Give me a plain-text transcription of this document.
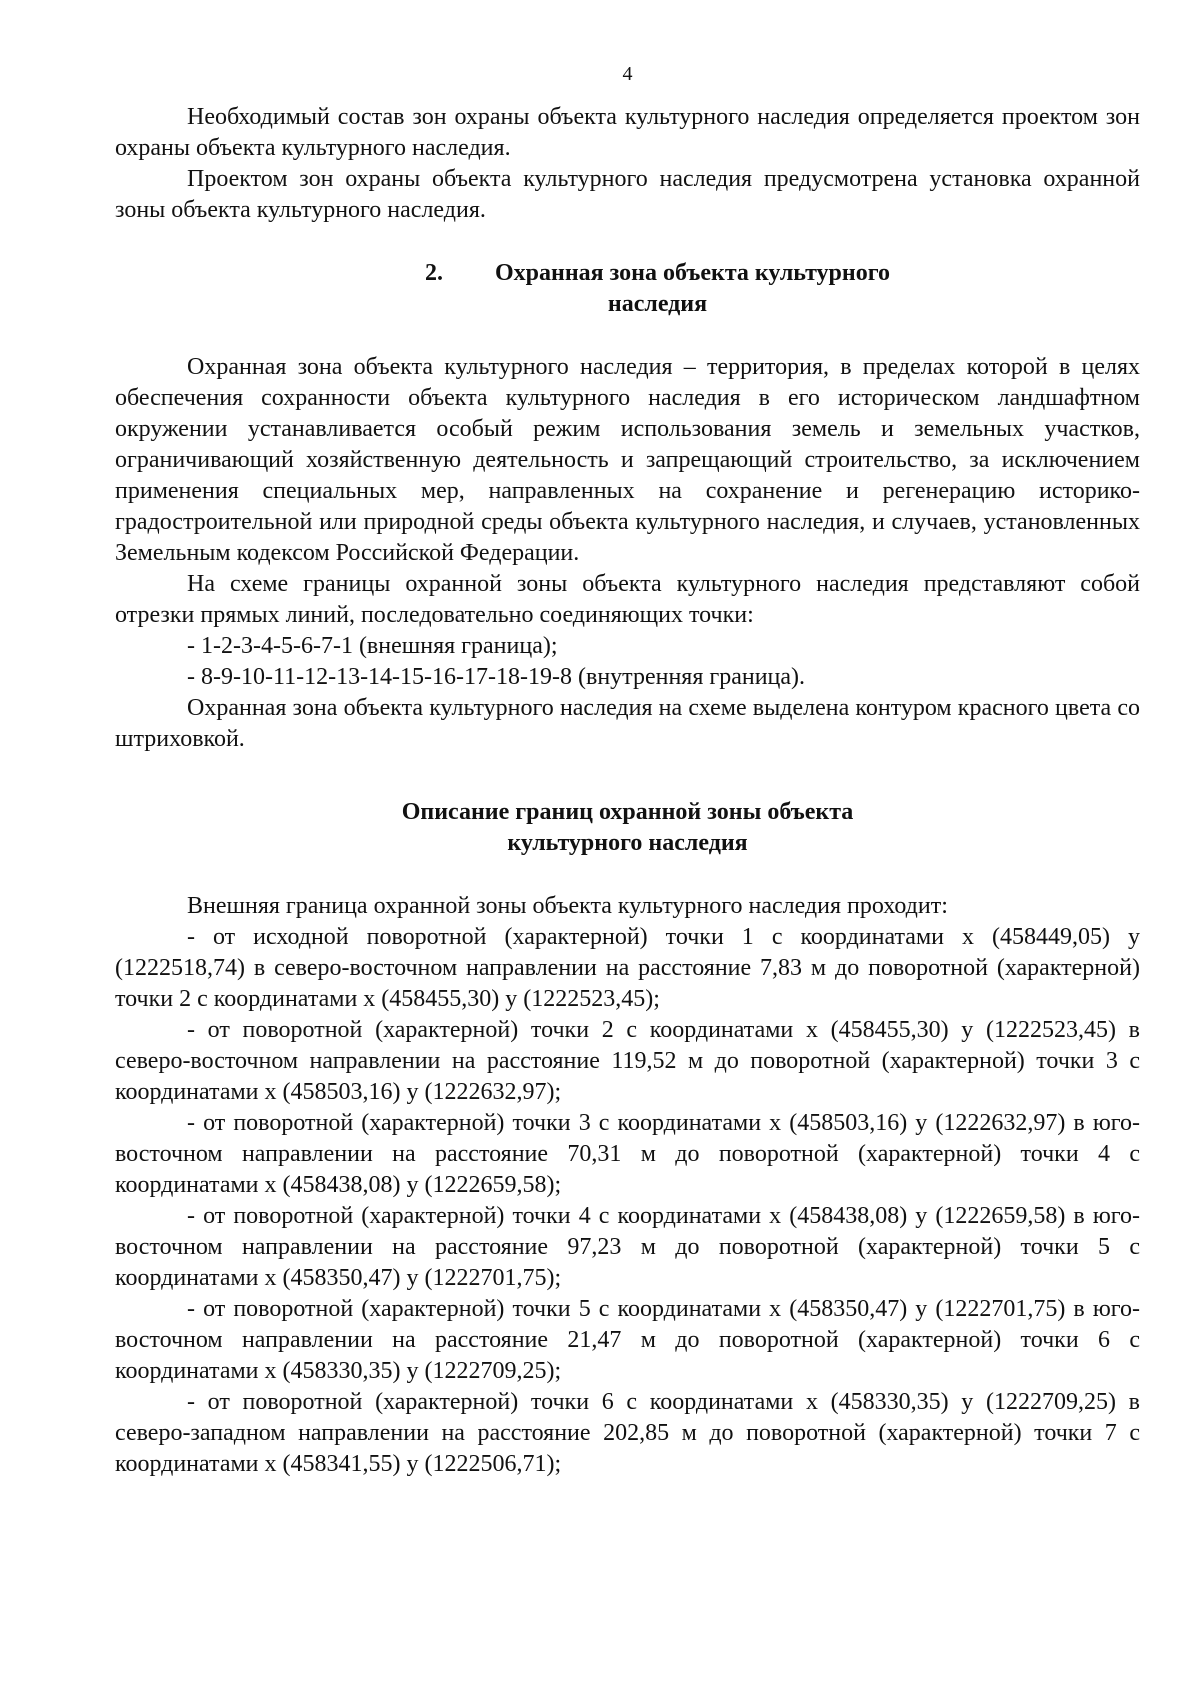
4

Необходимый состав зон охраны объекта культурного наследия определяется проектом зон охраны объекта культурного наследия.

Проектом зон охраны объекта культурного наследия предусмотрена установка охранной зоны объекта культурного наследия.

2. Охранная зона объекта культурного
наследия

Охранная зона объекта культурного наследия – территория, в пределах которой в целях обеспечения сохранности объекта культурного наследия в его историческом ландшафтном окружении устанавливается особый режим использования земель и земельных участков, ограничивающий хозяйственную деятельность и запрещающий строительство, за исключением применения специальных мер, направленных на сохранение и регенерацию историко-градостроительной или природной среды объекта культурного наследия, и случаев, установленных Земельным кодексом Российской Федерации.

На схеме границы охранной зоны объекта культурного наследия представляют собой отрезки прямых линий, последовательно соединяющих точки:

- 1-2-3-4-5-6-7-1 (внешняя граница);

- 8-9-10-11-12-13-14-15-16-17-18-19-8 (внутренняя граница).

Охранная зона объекта культурного наследия на схеме выделена контуром красного цвета со штриховкой.

Описание границ охранной зоны объекта
культурного наследия

Внешняя граница охранной зоны объекта культурного наследия проходит:

- от исходной поворотной (характерной) точки 1 с координатами х (458449,05) у (1222518,74) в северо-восточном направлении на расстояние 7,83 м до поворотной (характерной) точки 2 с координатами х (458455,30) у (1222523,45);

- от поворотной (характерной) точки 2 с координатами х (458455,30) у (1222523,45) в северо-восточном направлении на расстояние 119,52 м до поворотной (характерной) точки 3 с координатами х (458503,16) у (1222632,97);

- от поворотной (характерной) точки 3 с координатами х (458503,16) у (1222632,97) в юго-восточном направлении на расстояние 70,31 м до поворотной (характерной) точки 4 с координатами х (458438,08) у (1222659,58);

- от поворотной (характерной) точки 4 с координатами х (458438,08) у (1222659,58) в юго-восточном направлении на расстояние 97,23 м до поворотной (характерной) точки 5 с координатами х (458350,47) у (1222701,75);

- от поворотной (характерной) точки 5 с координатами х (458350,47) у (1222701,75) в юго-восточном направлении на расстояние 21,47 м до поворотной (характерной) точки 6 с координатами х (458330,35) у (1222709,25);

- от поворотной (характерной) точки 6 с координатами х (458330,35) у (1222709,25) в северо-западном направлении на расстояние 202,85 м до поворотной (характерной) точки 7 с координатами х (458341,55) у (1222506,71);
